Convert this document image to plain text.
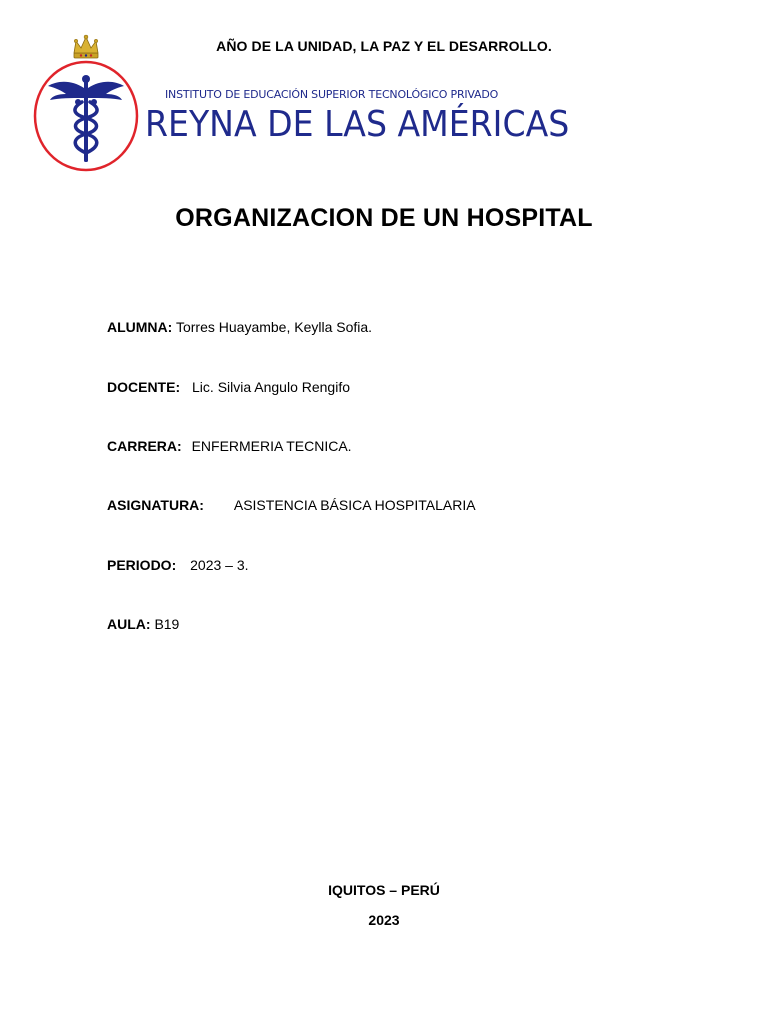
AÑO DE LA UNIDAD, LA PAZ Y EL DESARROLLO.
INSTITUTO DE EDUCACIÓN SUPERIOR TECNOLÓGICO PRIVADO
REYNA DE LAS AMÉRICAS
ORGANIZACION DE UN HOSPITAL
ALUMNA: Torres Huayambe, Keylla Sofia.
DOCENTE: Lic. Silvia Angulo Rengifo
CARRERA: ENFERMERIA TECNICA.
ASIGNATURA: ASISTENCIA BÁSICA HOSPITALARIA
PERIODO: 2023 – 3.
AULA: B19
IQUITOS – PERÚ
2023
